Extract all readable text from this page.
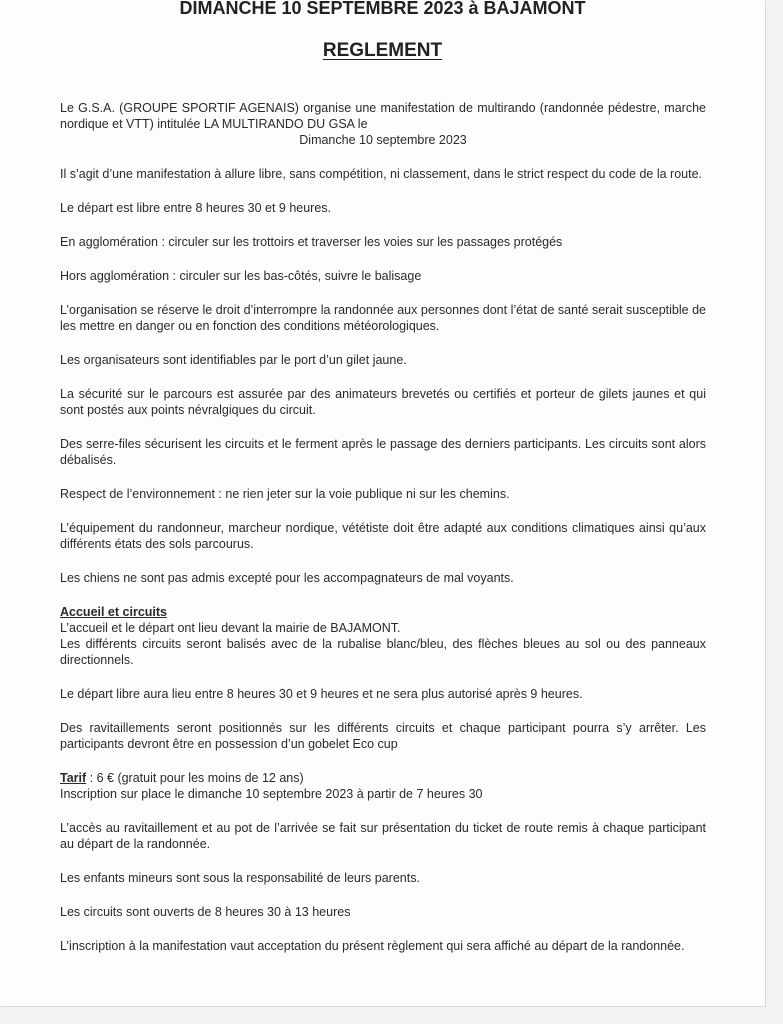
DIMANCHE 10 SEPTEMBRE 2023 à BAJAMONT
REGLEMENT

Le G.S.A. (GROUPE SPORTIF AGENAIS) organise une manifestation de multirando (randonnée pédestre, marche nordique et VTT) intitulée LA MULTIRANDO DU GSA le
Dimanche 10 septembre 2023

Il s’agit d’une manifestation à allure libre, sans compétition, ni classement, dans le strict respect du code de la route.

Le départ est libre entre 8 heures 30 et 9 heures.

En agglomération : circuler sur les trottoirs et traverser les voies sur les passages protégés

Hors agglomération : circuler sur les bas-côtés, suivre le balisage

L’organisation se réserve le droit d’interrompre la randonnée aux personnes dont l’état de santé serait susceptible de les mettre en danger ou en fonction des conditions météorologiques.

Les organisateurs sont identifiables par le port d’un gilet jaune.

La sécurité sur le parcours est assurée par des animateurs brevetés ou certifiés et porteur de gilets jaunes et qui sont postés aux points névralgiques du circuit.

Des serre-files sécurisent les circuits et le ferment après le passage des derniers participants. Les circuits sont alors débalisés.

Respect de l’environnement : ne rien jeter sur la voie publique ni sur les chemins.

L’équipement du randonneur, marcheur nordique, vététiste doit être adapté aux conditions climatiques ainsi qu’aux différents états des sols parcourus.

Les chiens ne sont pas admis excepté pour les accompagnateurs de mal voyants.

Accueil et circuits
L’accueil et le départ ont lieu devant la mairie de BAJAMONT.
Les différents circuits seront balisés avec de la rubalise blanc/bleu, des flèches bleues au sol ou des panneaux directionnels.

Le départ libre aura lieu entre 8 heures 30 et 9 heures et ne sera plus autorisé après 9 heures.

Des ravitaillements seront positionnés sur les différents circuits et chaque participant pourra s’y arrêter. Les participants devront être en possession d’un gobelet Eco cup

Tarif : 6 € (gratuit pour les moins de 12 ans)
Inscription sur place le dimanche 10 septembre 2023 à partir de 7 heures 30

L’accès au ravitaillement et au pot de l’arrivée se fait sur présentation du ticket de route remis à chaque participant au départ de la randonnée.

Les enfants mineurs sont sous la responsabilité de leurs parents.

Les circuits sont ouverts de 8 heures 30 à 13 heures

L’inscription à la manifestation vaut acceptation du présent règlement qui sera affiché au départ de la randonnée.
